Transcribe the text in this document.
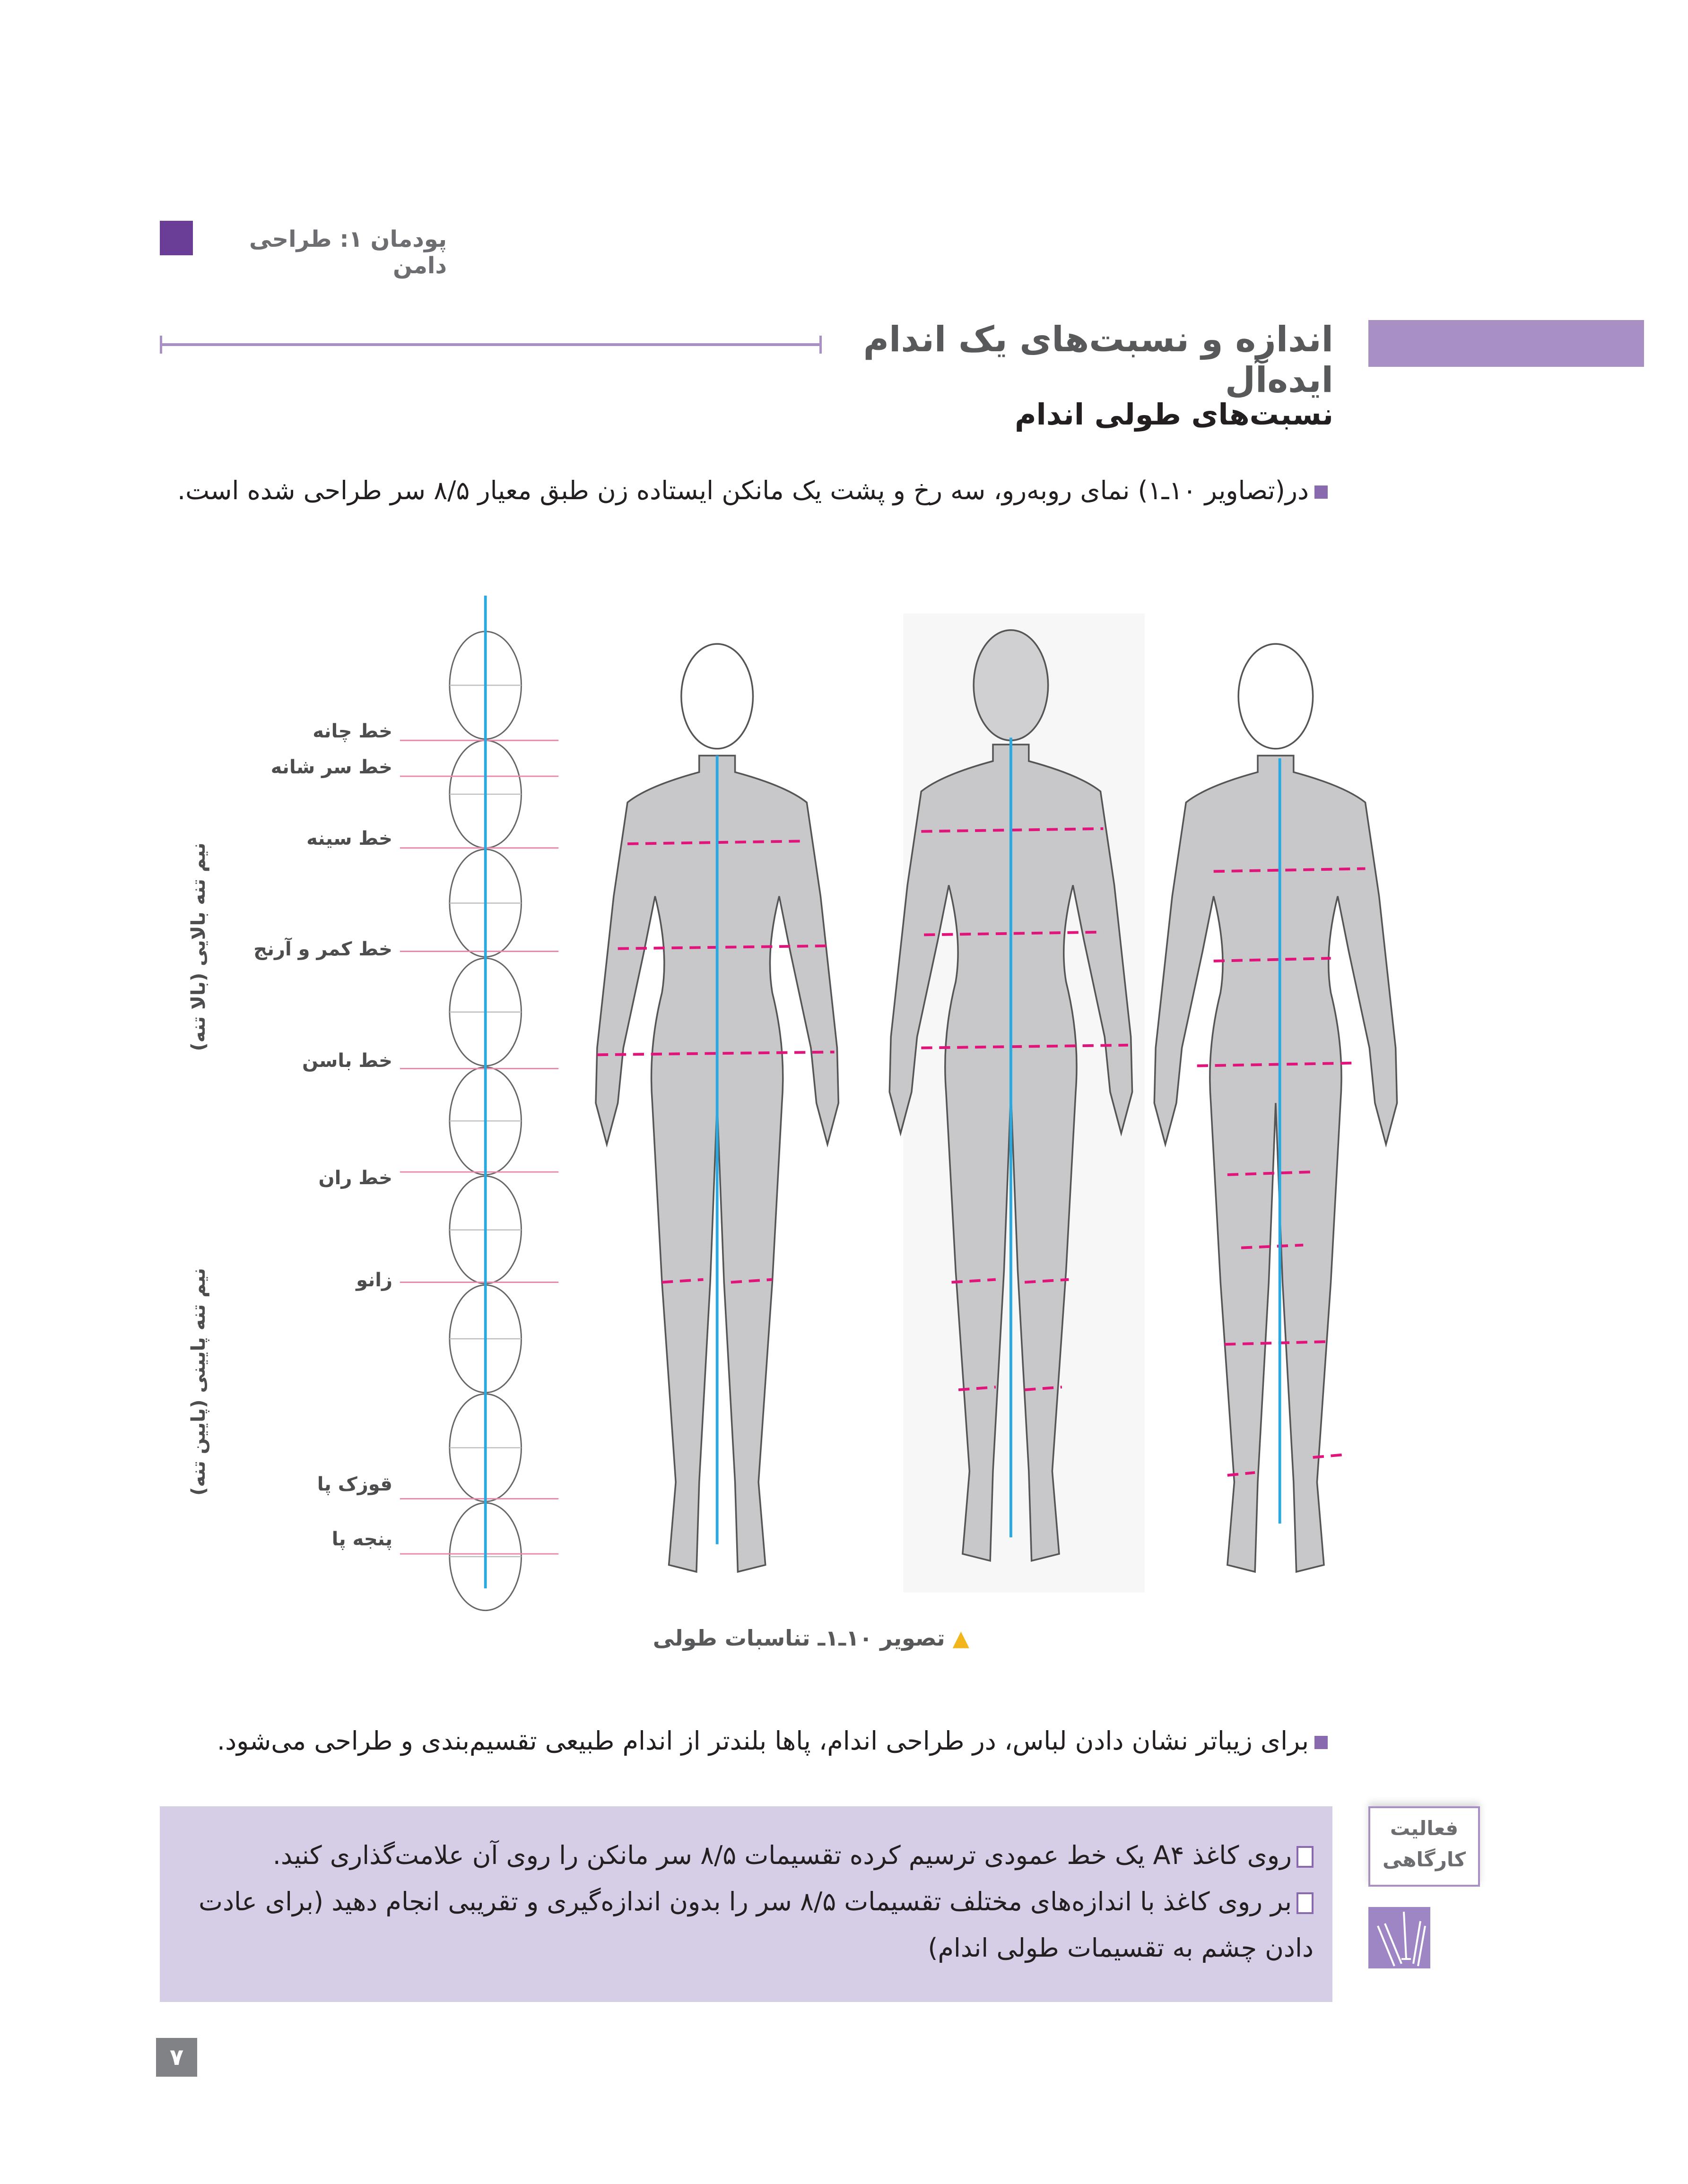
پودمان ۱: طراحی دامن
اندازه و نسبت‌های یک اندام ایده‌آل
نسبت‌های طولی اندام
در(تصاویر ۱۰ـ۱) نمای روبه‌رو، سه رخ و پشت یک مانکن ایستاده زن طبق معیار ۸/۵ سر طراحی شده است.
خط چانه
خط سر شانه
خط سینه
خط کمر و آرنج
خط باسن
خط ران
زانو
قوزک پا
پنجه پا
نیم تنه بالایی (بالا تنه)
نیم تنه پایینی (پایین تنه)
▲ تصویر ۱۰ـ۱ـ تناسبات طولی
برای زیباتر نشان دادن لباس، در طراحی اندام، پاها بلندتر از اندام طبیعی تقسیم‌بندی و طراحی می‌شود.
روی کاغذ A۴ یک خط عمودی ترسیم کرده تقسیمات ۸/۵ سر مانکن را روی آن علامت‌گذاری کنید.
بر روی کاغذ با اندازه‌های مختلف تقسیمات ۸/۵ سر را بدون اندازه‌گیری و تقریبی انجام دهید (برای عادت دادن چشم به تقسیمات طولی اندام)
فعالیت
کارگاهی
۷
